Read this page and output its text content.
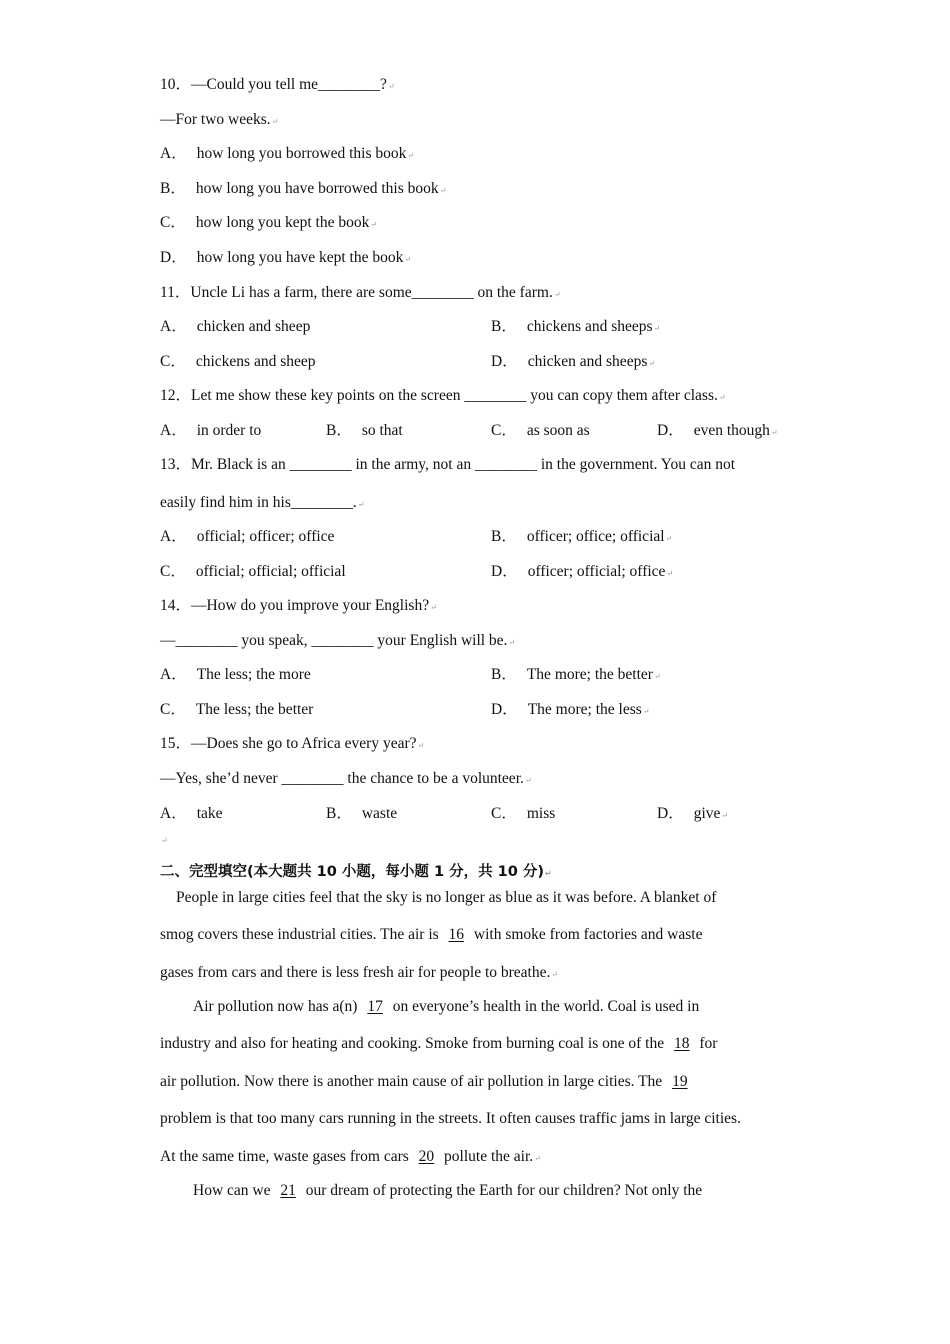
10．—Could you tell me________?↵
—For two weeks.↵
A． how long you borrowed this book↵
B． how long you have borrowed this book↵
C． how long you kept the book↵
D． how long you have kept the book↵
11．Uncle Li has a farm, there are some________ on the farm.↵
A． chicken and sheep	B． chickens and sheeps↵
C． chickens and sheep	D． chicken and sheeps↵
12．Let me show these key points on the screen ________ you can copy them after class.↵
A． in order to	B． so that	C． as soon as	D． even though↵
13．Mr. Black is an ________ in the army, not an ________ in the government. You can not
easily find him in his________.↵
A． official; officer; office	B． officer; office; official↵
C． official; official; official	D． officer; official; office↵
14．—How do you improve your English?↵
—________ you speak, ________ your English will be.↵
A． The less; the more	B． The more; the better↵
C． The less; the better	D． The more; the less↵
15．—Does she go to Africa every year?↵
—Yes, she’d never ________ the chance to be a volunteer.↵
A． take	B． waste	C． miss	D． give↵
↵
二、完型填空(本大题共 10 小题，每小题 1 分，共 10 分)↵
People in large cities feel that the sky is no longer as blue as it was before. A blanket of
smog covers these industrial cities. The air is 16 with smoke from factories and waste
gases from cars and there is less fresh air for people to breathe.↵
Air pollution now has a(n) 17 on everyone’s health in the world. Coal is used in
industry and also for heating and cooking. Smoke from burning coal is one of the 18 for
air pollution. Now there is another main cause of air pollution in large cities. The 19
problem is that too many cars running in the streets. It often causes traffic jams in large cities.
At the same time, waste gases from cars 20 pollute the air.↵
How can we 21 our dream of protecting the Earth for our children? Not only the
